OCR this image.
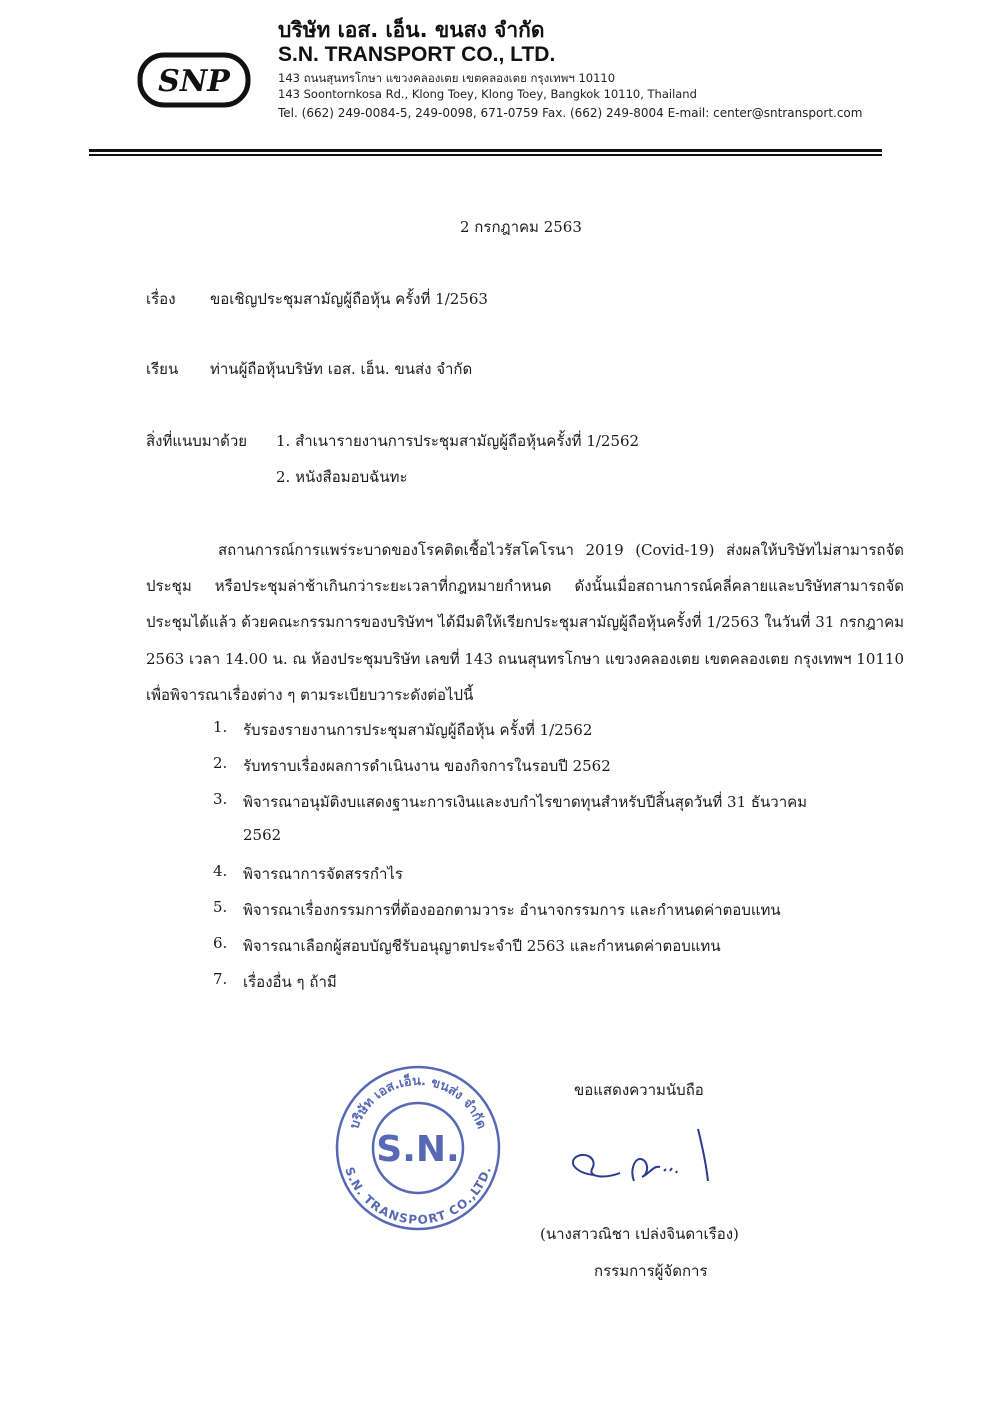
SNP
บริษัท เอส. เอ็น. ขนสง จํากัด
S.N. TRANSPORT CO., LTD.
143 ถนนสุนทรโกษา แขวงคลองเตย เขตคลองเตย กรุงเทพฯ 10110
143 Soontornkosa Rd., Klong Toey, Klong Toey, Bangkok 10110, Thailand
Tel. (662) 249-0084-5, 249-0098, 671-0759 Fax. (662) 249-8004 E-mail: center@sntransport.com
2 กรกฎาคม 2563
เรื่อง ขอเชิญประชุมสามัญผู้ถือหุ้น ครั้งที่ 1/2563
เรียน ท่านผู้ถือหุ้นบริษัท เอส. เอ็น. ขนส่ง จำกัด
สิ่งที่แนบมาด้วย 1. สำเนารายงานการประชุมสามัญผู้ถือหุ้นครั้งที่ 1/2562
2. หนังสือมอบฉันทะ
สถานการณ์การแพร่ระบาดของโรคติดเชื้อไวรัสโคโรนา 2019 (Covid-19) ส่งผลให้บริษัทไม่สามารถจัดประชุม หรือประชุมล่าช้าเกินกว่าระยะเวลาที่กฎหมายกำหนด ดังนั้นเมื่อสถานการณ์คลี่คลายและบริษัทสามารถจัดประชุมได้แล้ว ด้วยคณะกรรมการของบริษัทฯ ได้มีมติให้เรียกประชุมสามัญผู้ถือหุ้นครั้งที่ 1/2563 ในวันที่ 31 กรกฎาคม 2563 เวลา 14.00 น. ณ ห้องประชุมบริษัท เลขที่ 143 ถนนสุนทรโกษา แขวงคลองเตย เขตคลองเตย กรุงเทพฯ 10110 เพื่อพิจารณาเรื่องต่าง ๆ ตามระเบียบวาระดังต่อไปนี้
1.	รับรองรายงานการประชุมสามัญผู้ถือหุ้น ครั้งที่ 1/2562
2.	รับทราบเรื่องผลการดำเนินงาน ของกิจการในรอบปี 2562
3.	พิจารณาอนุมัติงบแสดงฐานะการเงินและงบกำไรขาดทุนสำหรับปีสิ้นสุดวันที่ 31 ธันวาคม
2562
4.	พิจารณาการจัดสรรกำไร
5.	พิจารณาเรื่องกรรมการที่ต้องออกตามวาระ อำนาจกรรมการ และกำหนดค่าตอบแทน
6.	พิจารณาเลือกผู้สอบบัญชีรับอนุญาตประจำปี 2563 และกำหนดค่าตอบแทน
7.	เรื่องอื่น ๆ ถ้ามี
บริษัท เอส.เอ็น. ขนส่ง จำกัด
S.N. TRANSPORT CO.,LTD.
S.N.
ขอแสดงความนับถือ
(นางสาวณิชา เปล่งจินดาเรือง)
กรรมการผู้จัดการ
